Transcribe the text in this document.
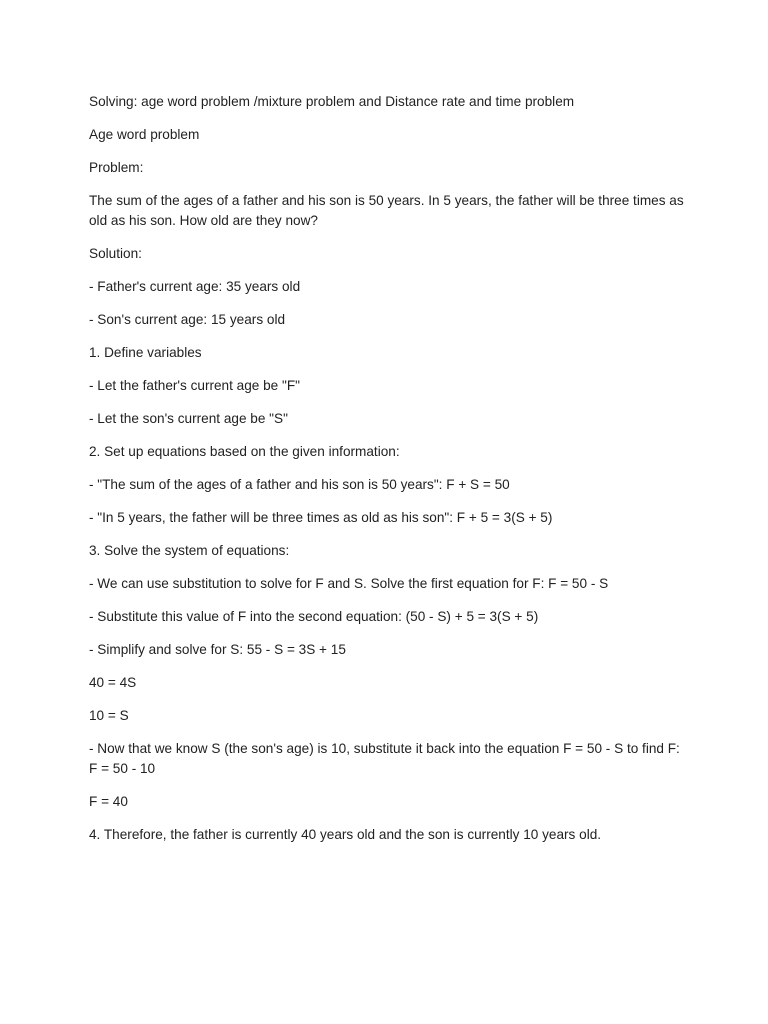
Solving: age word problem /mixture problem and Distance rate and time problem

Age word problem

Problem:

The sum of the ages of a father and his son is 50 years. In 5 years, the father will be three times as old as his son. How old are they now?

Solution:

- Father's current age: 35 years old

- Son's current age: 15 years old

1. Define variables

- Let the father's current age be "F"

- Let the son's current age be "S"

2. Set up equations based on the given information:

- "The sum of the ages of a father and his son is 50 years": F + S = 50

- "In 5 years, the father will be three times as old as his son": F + 5 = 3(S + 5)

3. Solve the system of equations:

- We can use substitution to solve for F and S. Solve the first equation for F: F = 50 - S

- Substitute this value of F into the second equation: (50 - S) + 5 = 3(S + 5)

- Simplify and solve for S: 55 - S = 3S + 15

40 = 4S

10 = S

- Now that we know S (the son's age) is 10, substitute it back into the equation F = 50 - S to find F: F = 50 - 10

F = 40

4. Therefore, the father is currently 40 years old and the son is currently 10 years old.
